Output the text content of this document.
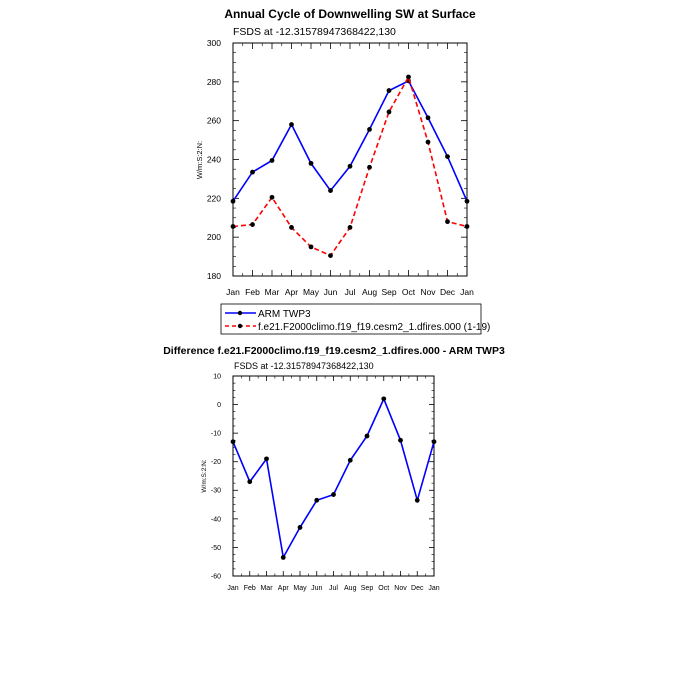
Annual Cycle of Downwelling SW at Surface
FSDS at -12.31578947368422,130
W/m:S:2:N:
180
200
220
240
260
280
300
Jan Feb Mar Apr May Jun Jul Aug Sep Oct Nov Dec Jan
ARM TWP3
f.e21.F2000climo.f19_f19.cesm2_1.dfires.000 (1-19)
Difference f.e21.F2000climo.f19_f19.cesm2_1.dfires.000 - ARM TWP3
FSDS at -12.31578947368422,130
W/m:S:2:N:
-60
-50
-40
-30
-20
-10
0
10
Jan Feb Mar Apr May Jun Jul Aug Sep Oct Nov Dec Jan
